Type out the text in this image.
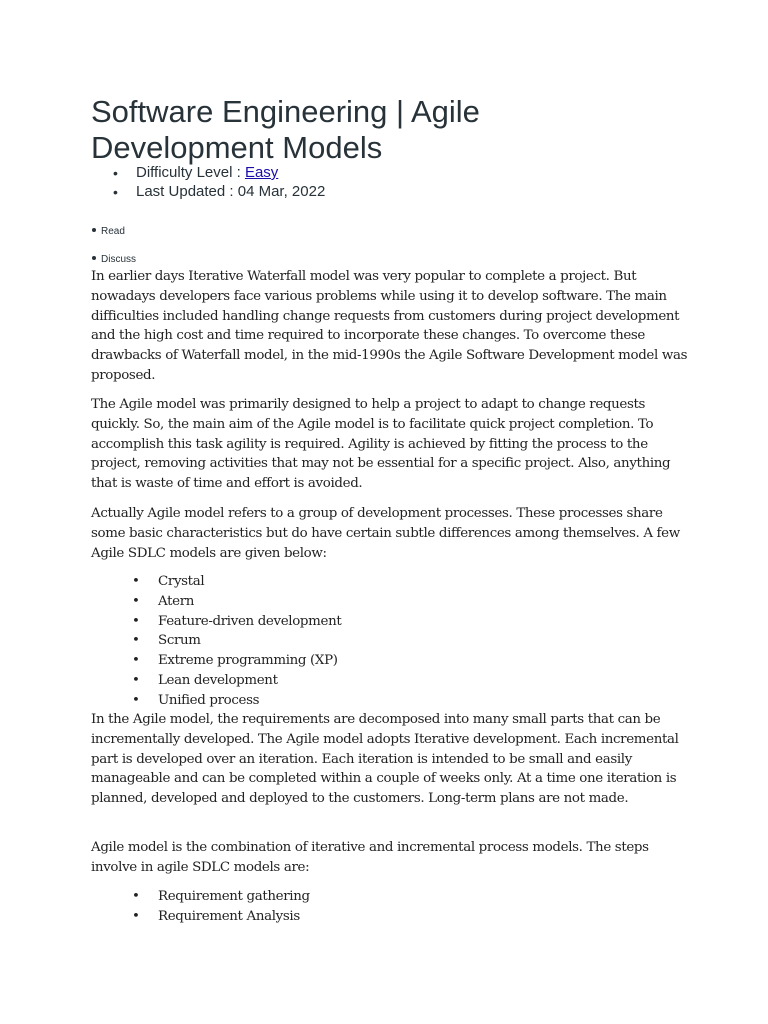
Software Engineering | Agile Development Models
• Difficulty Level : Easy
• Last Updated : 04 Mar, 2022
Read
Discuss

In earlier days Iterative Waterfall model was very popular to complete a project. But nowadays developers face various problems while using it to develop software. The main difficulties included handling change requests from customers during project development and the high cost and time required to incorporate these changes. To overcome these drawbacks of Waterfall model, in the mid-1990s the Agile Software Development model was proposed.

The Agile model was primarily designed to help a project to adapt to change requests quickly. So, the main aim of the Agile model is to facilitate quick project completion. To accomplish this task agility is required. Agility is achieved by fitting the process to the project, removing activities that may not be essential for a specific project. Also, anything that is waste of time and effort is avoided.

Actually Agile model refers to a group of development processes. These processes share some basic characteristics but do have certain subtle differences among themselves. A few Agile SDLC models are given below:

• Crystal
• Atern
• Feature-driven development
• Scrum
• Extreme programming (XP)
• Lean development
• Unified process

In the Agile model, the requirements are decomposed into many small parts that can be incrementally developed. The Agile model adopts Iterative development. Each incremental part is developed over an iteration. Each iteration is intended to be small and easily manageable and can be completed within a couple of weeks only. At a time one iteration is planned, developed and deployed to the customers. Long-term plans are not made.

Agile model is the combination of iterative and incremental process models. The steps involve in agile SDLC models are:

• Requirement gathering
• Requirement Analysis
